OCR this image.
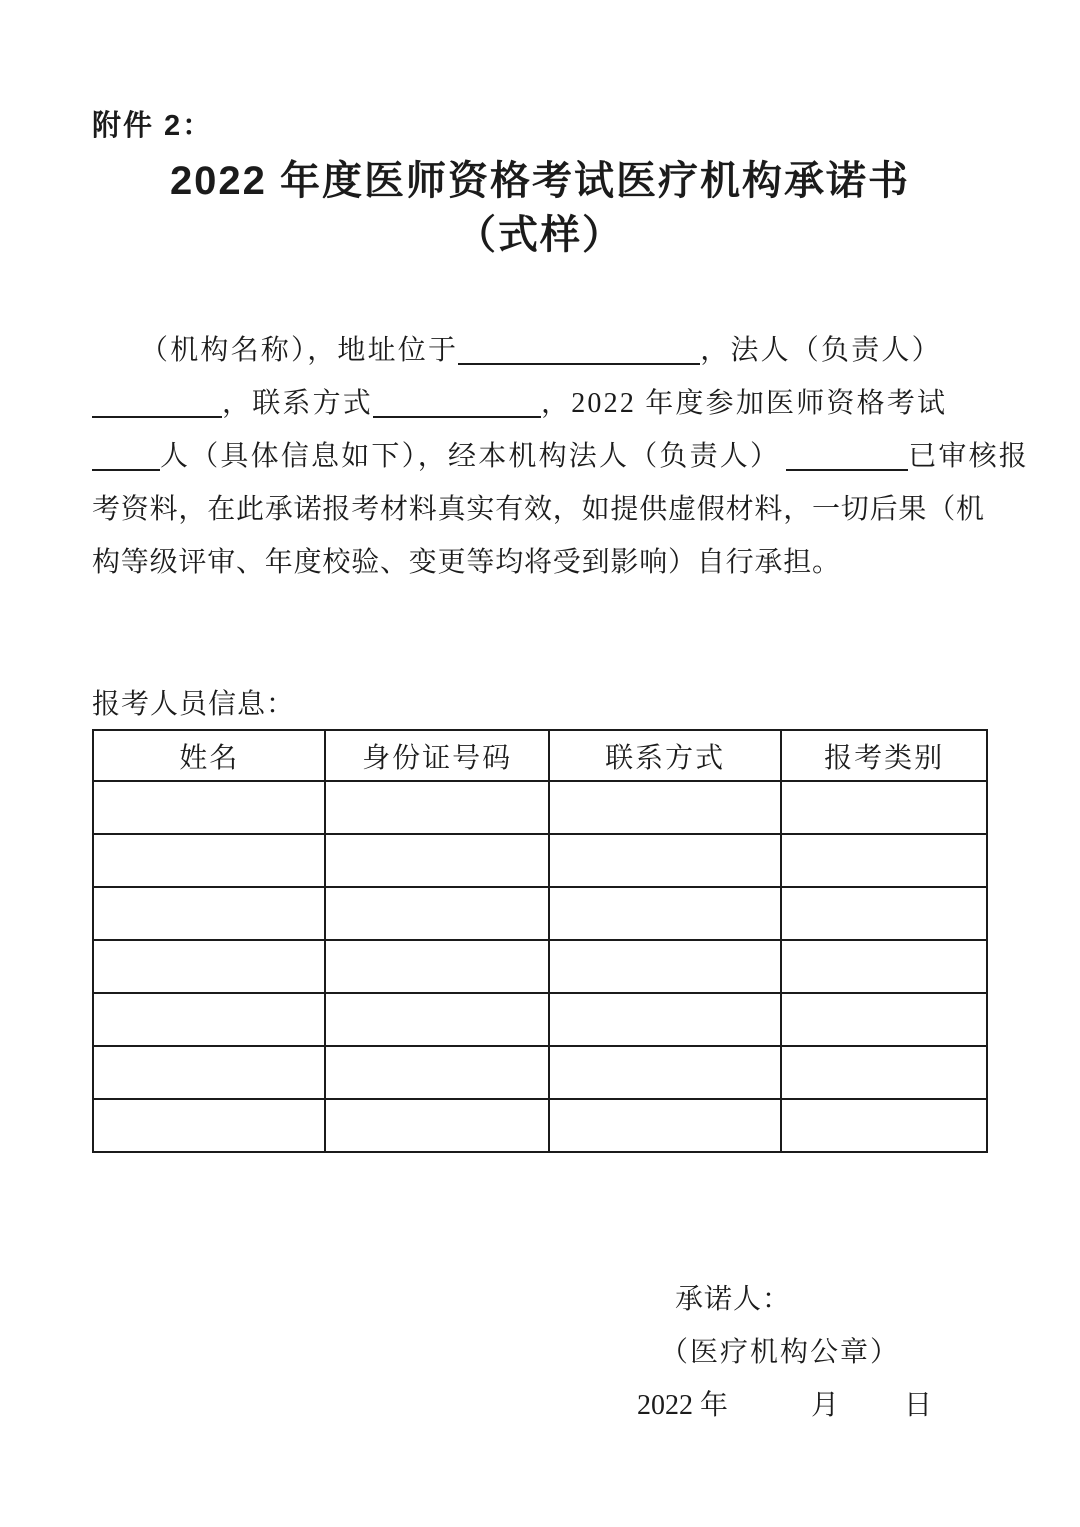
附件 2：
2022 年度医师资格考试医疗机构承诺书
（式样）
（机构名称），地址位于	，法人（负责人）
，联系方式	，2022 年度参加医师资格考试
人（具体信息如下），经本机构法人（负责人）	已审核报
考资料，在此承诺报考材料真实有效，如提供虚假材料，一切后果（机
构等级评审、年度校验、变更等均将受到影响）自行承担。
报考人员信息：
姓名	身份证号码	联系方式	报考类别

承诺人：
（医疗机构公章）
2022 年	月 日
